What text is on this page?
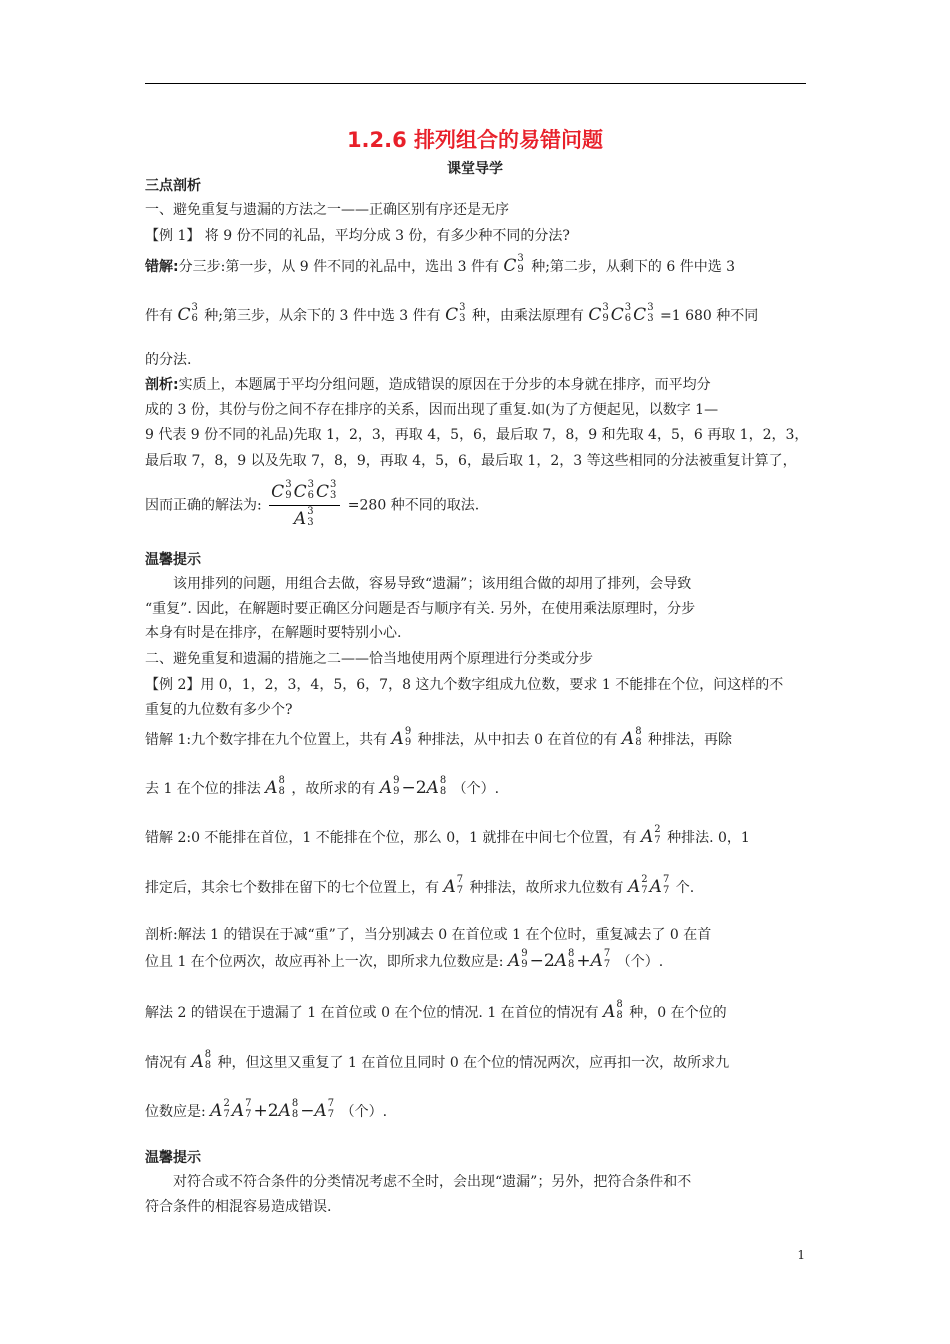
1.2.6 排列组合的易错问题
课堂导学
三点剖析
一、避免重复与遗漏的方法之一——正确区别有序还是无序
【例 1】 将 9 份不同的礼品，平均分成 3 份，有多少种不同的分法?
错解:分三步:第一步，从 9 件不同的礼品中，选出 3 件有 C 3
9 种;第二步，从剩下的 6 件中选 3
件有 C 3
6 种;第三步，从余下的 3 件中选 3 件有 C 3
3 种，由乘法原理有 C 3
9 C 3
6 C 3
3 =1 680 种不同
的分法.
剖析:实质上，本题属于平均分组问题，造成错误的原因在于分步的本身就在排序，而平均分
成的 3 份，其份与份之间不存在排序的关系，因而出现了重复.如(为了方便起见，以数字 1—
9 代表 9 份不同的礼品)先取 1，2，3，再取 4，5，6，最后取 7，8，9 和先取 4，5，6 再取 1，2，3，
最后取 7，8，9 以及先取 7，8，9，再取 4，5，6，最后取 1，2，3 等这些相同的分法被重复计算了，
因而正确的解法为: C 3
9 C 3
6 C 3
3
A 3
3 =280 种不同的取法.
温馨提示
该用排列的问题，用组合去做，容易导致“遗漏”；该用组合做的却用了排列，会导致
“重复”. 因此，在解题时要正确区分问题是否与顺序有关. 另外，在使用乘法原理时，分步
本身有时是在排序，在解题时要特别小心.
二、避免重复和遗漏的措施之二——恰当地使用两个原理进行分类或分步
【例 2】用 0，1，2，3，4，5，6，7，8 这九个数字组成九位数，要求 1 不能排在个位，问这样的不
重复的九位数有多少个?
错解 1:九个数字排在九个位置上，共有 A 9
9 种排法，从中扣去 0 在首位的有 A 8
8 种排法，再除
去 1 在个位的排法 A 8
8 ，故所求的有 A 9
9 −2A 8
8 （个）.
错解 2:0 不能排在首位，1 不能排在个位，那么 0，1 就排在中间七个位置，有 A 2
7 种排法. 0，1
排定后，其余七个数排在留下的七个位置上，有 A 7
7 种排法，故所求九位数有 A 2
7 A 7
7 个.
剖析:解法 1 的错误在于减“重”了，当分别减去 0 在首位或 1 在个位时，重复减去了 0 在首
位且 1 在个位两次，故应再补上一次，即所求九位数应是: A 9
9 −2A 8
8 +A 7
7 （个）.
解法 2 的错误在于遗漏了 1 在首位或 0 在个位的情况. 1 在首位的情况有 A 8
8 种，0 在个位的
情况有 A 8
8 种，但这里又重复了 1 在首位且同时 0 在个位的情况两次，应再扣一次，故所求九
位数应是: A 2
7 A 7
7 +2A 8
8 −A 7
7 （个）.
温馨提示
对符合或不符合条件的分类情况考虑不全时，会出现“遗漏”；另外，把符合条件和不
符合条件的相混容易造成错误.
1
